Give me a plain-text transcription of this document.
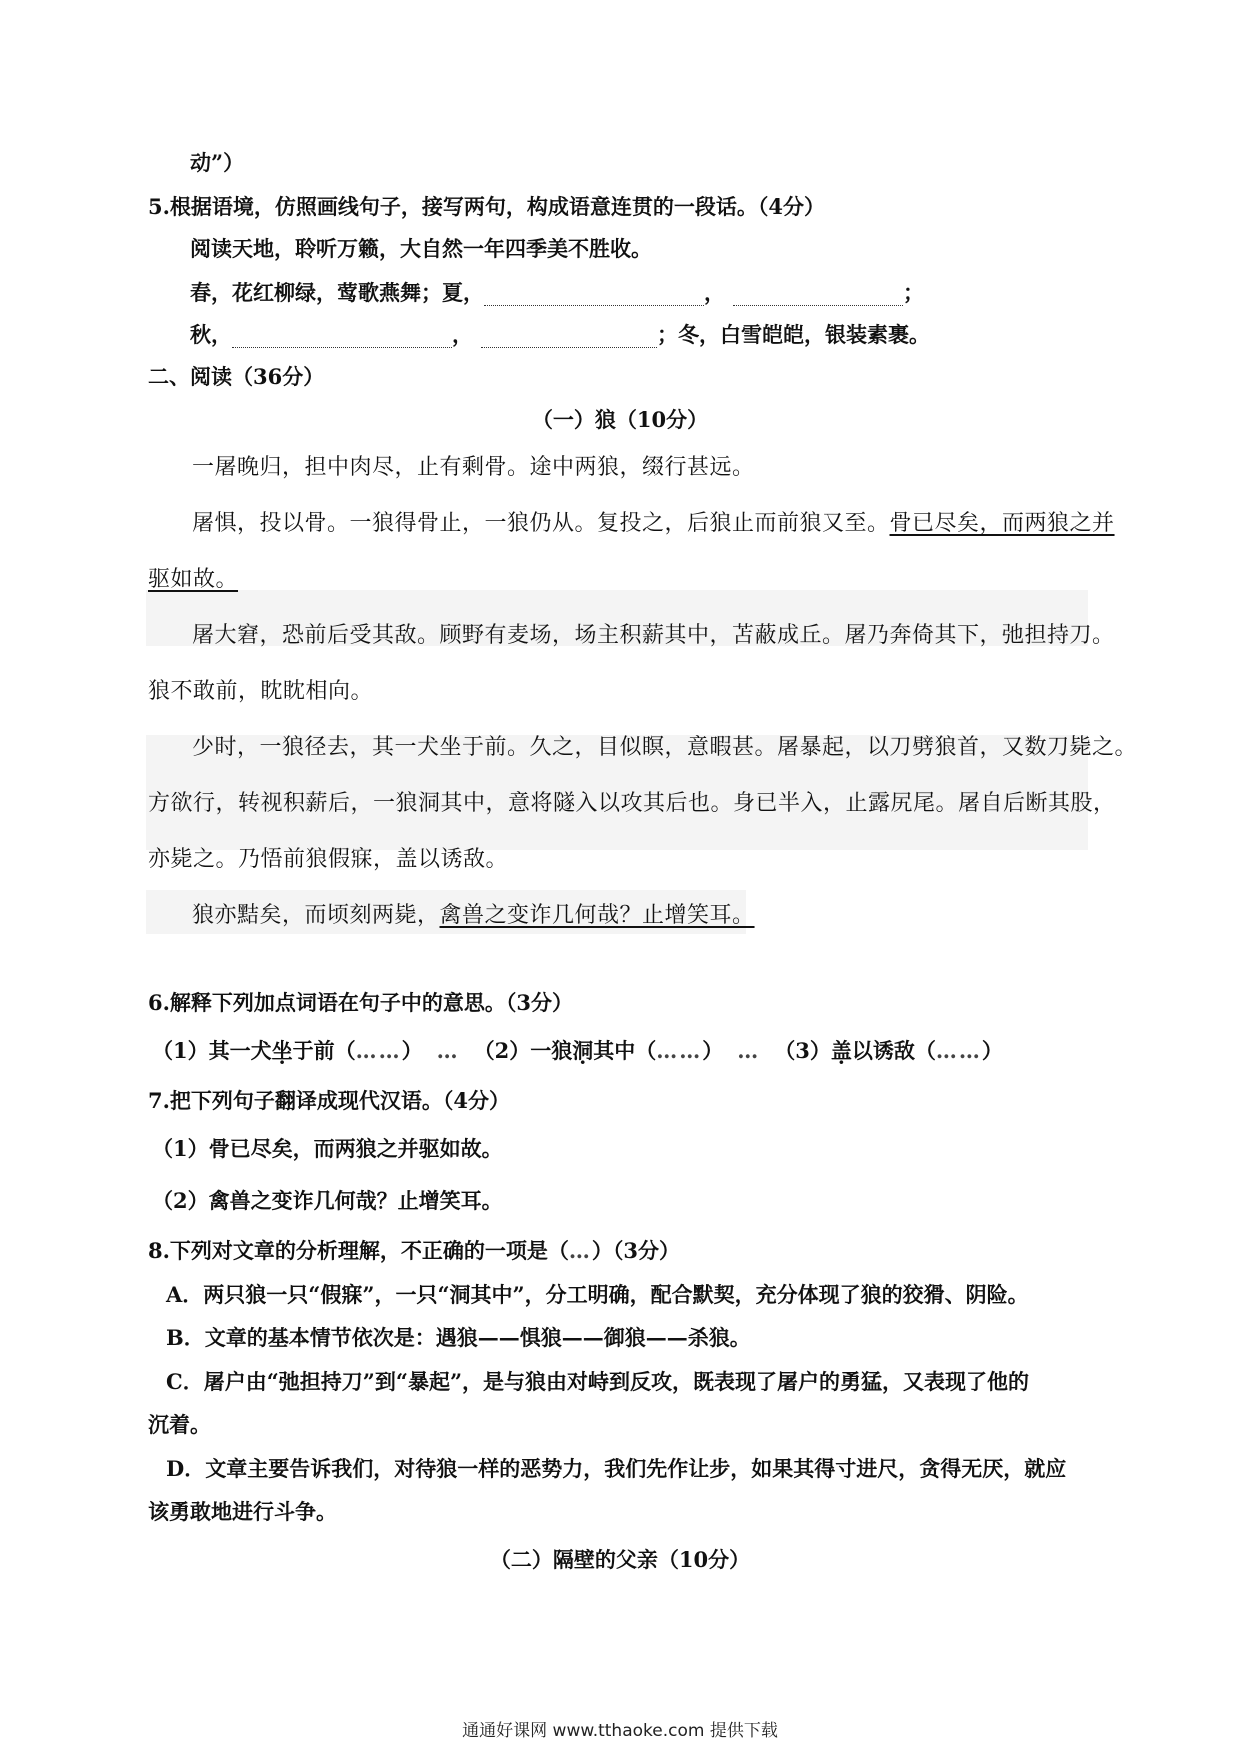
动”）
5.根据语境，仿照画线句子，接写两句，构成语意连贯的一段话。（4分）
阅读天地，聆听万籁，大自然一年四季美不胜收。
春，花红柳绿，莺歌燕舞；夏，	，	；
秋，	，	；冬，白雪皑皑，银装素裹。
二、阅读（36分）
（一）狼（10分）
一屠晚归，担中肉尽，止有剩骨。途中两狼，缀行甚远。
屠惧，投以骨。一狼得骨止，一狼仍从。复投之，后狼止而前狼又至。骨已尽矣，而两狼之并
驱如故。
屠大窘，恐前后受其敌。顾野有麦场，场主积薪其中，苫蔽成丘。屠乃奔倚其下，弛担持刀。
狼不敢前，眈眈相向。
少时，一狼径去，其一犬坐于前。久之，目似瞑，意暇甚。屠暴起，以刀劈狼首，又数刀毙之。
方欲行，转视积薪后，一狼洞其中，意将隧入以攻其后也。身已半入，止露尻尾。屠自后断其股，
亦毙之。乃悟前狼假寐，盖以诱敌。
狼亦黠矣，而顷刻两毙，禽兽之变诈几何哉？止增笑耳。
6.解释下列加点词语在句子中的意思。（3分）
（1）其一犬坐于前（……） … （2）一狼洞其中（……） … （3）盖以诱敌（……）
7.把下列句子翻译成现代汉语。（4分）
（1）骨已尽矣，而两狼之并驱如故。
（2）禽兽之变诈几何哉？止增笑耳。
8.下列对文章的分析理解，不正确的一项是（…）（3分）
A．两只狼一只“假寐”，一只“洞其中”，分工明确，配合默契，充分体现了狼的狡猾、阴险。
B．文章的基本情节依次是：遇狼——惧狼——御狼——杀狼。
C．屠户由“弛担持刀”到“暴起”，是与狼由对峙到反攻，既表现了屠户的勇猛，又表现了他的
沉着。
D．文章主要告诉我们，对待狼一样的恶势力，我们先作让步，如果其得寸进尺，贪得无厌，就应
该勇敢地进行斗争。
（二）隔壁的父亲（10分）
通通好课网 www.tthaoke.com 提供下载
